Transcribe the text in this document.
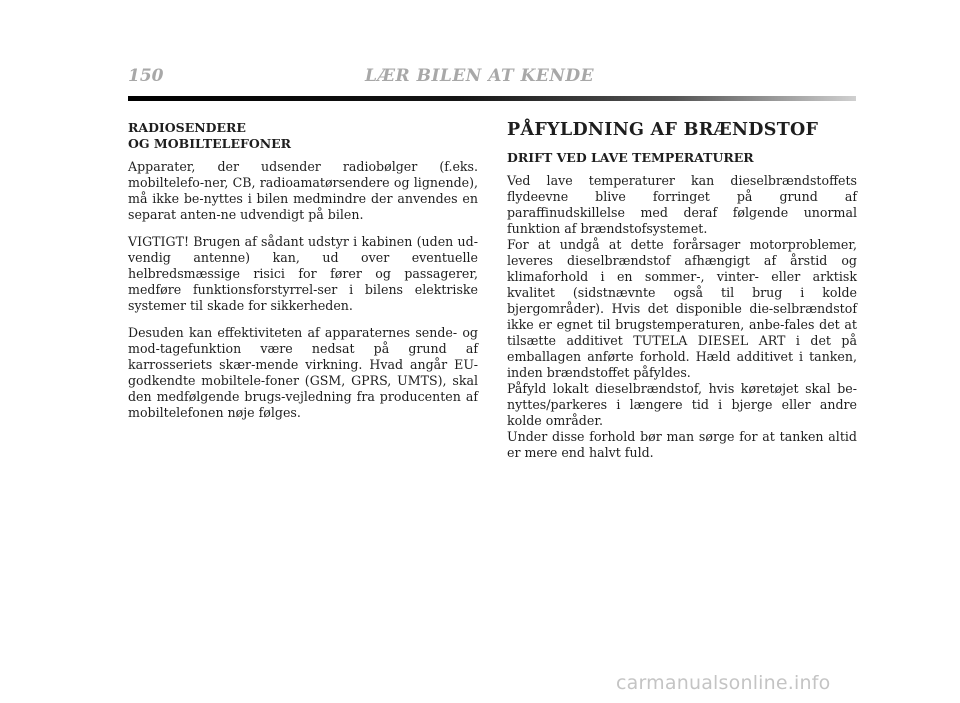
150	LÆR BILEN AT KENDE
RADIOSENDERE
OG MOBILTELEFONER

Apparater, der udsender radiobølger (f.eks. mobiltelefo-ner, CB, radioamatørsendere og lignende), må ikke be-nyttes i bilen medmindre der anvendes en separat anten-ne udvendigt på bilen.

VIGTIGT! Brugen af sådant udstyr i kabinen (uden ud-vendig antenne) kan, ud over eventuelle helbredsmæssige risici for fører og passagerer, medføre funktionsforstyrrel-ser i bilens elektriske systemer til skade for sikkerheden.

Desuden kan effektiviteten af apparaternes sende- og mod-tagefunktion være nedsat på grund af karrosseriets skær-mende virkning. Hvad angår EU-godkendte mobiltele-foner (GSM, GPRS, UMTS), skal den medfølgende brugs-vejledning fra producenten af mobiltelefonen nøje følges.

PÅFYLDNING AF BRÆNDSTOF
DRIFT VED LAVE TEMPERATURER

Ved lave temperaturer kan dieselbrændstoffets flydeevne blive forringet på grund af paraffinudskillelse med deraf følgende unormal funktion af brændstofsystemet.

For at undgå at dette forårsager motorproblemer, leveres dieselbrændstof afhængigt af årstid og klimaforhold i en sommer-, vinter- eller arktisk kvalitet (sidstnævnte også til brug i kolde bjergområder). Hvis det disponible die-selbrændstof ikke er egnet til brugstemperaturen, anbe-fales det at tilsætte additivet TUTELA DIESEL ART i det på emballagen anførte forhold. Hæld additivet i tanken, inden brændstoffet påfyldes.

Påfyld lokalt dieselbrændstof, hvis køretøjet skal be-nyttes/parkeres i længere tid i bjerge eller andre kolde områder.

Under disse forhold bør man sørge for at tanken altid er mere end halvt fuld.

carmanualsonline.info
